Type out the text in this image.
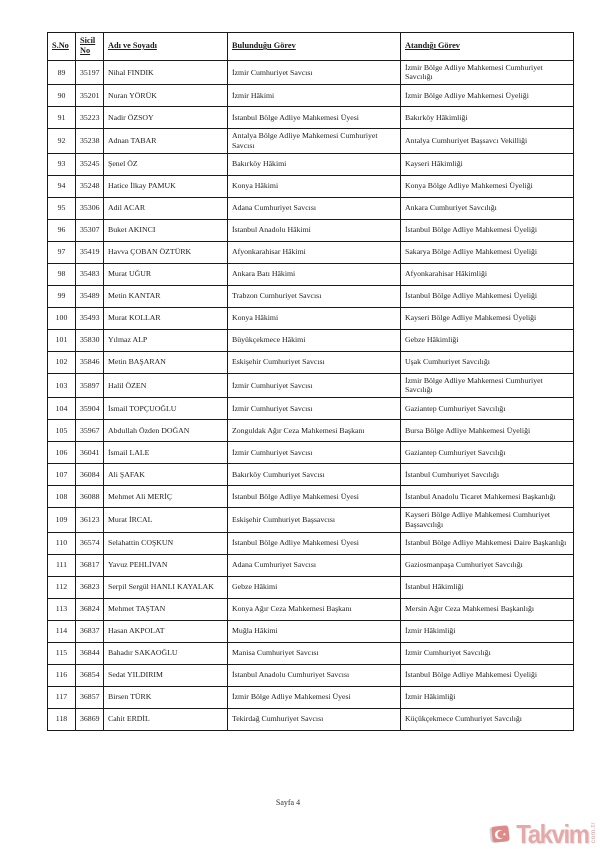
S.No	Sicil No	Adı ve Soyadı	Bulunduğu Görev	Atandığı Görev
89	35197	Nihal FINDIK	İzmir Cumhuriyet Savcısı	İzmir Bölge Adliye Mahkemesi Cumhuriyet Savcılığı
90	35201	Nuran YÖRÜK	İzmir Hâkimi	İzmir Bölge Adliye Mahkemesi Üyeliği
91	35223	Nadir ÖZSOY	İstanbul Bölge Adliye Mahkemesi Üyesi	Bakırköy Hâkimliği
92	35238	Adnan TABAR	Antalya Bölge Adliye Mahkemesi Cumhuriyet Savcısı	Antalya Cumhuriyet Başsavcı Vekilliği
93	35245	Şenel ÖZ	Bakırköy Hâkimi	Kayseri Hâkimliği
94	35248	Hatice İlkay PAMUK	Konya Hâkimi	Konya Bölge Adliye Mahkemesi Üyeliği
95	35306	Adil ACAR	Adana Cumhuriyet Savcısı	Ankara Cumhuriyet Savcılığı
96	35307	Buket AKINCI	İstanbul Anadolu Hâkimi	İstanbul Bölge Adliye Mahkemesi Üyeliği
97	35419	Havva ÇOBAN ÖZTÜRK	Afyonkarahisar Hâkimi	Sakarya Bölge Adliye Mahkemesi Üyeliği
98	35483	Murat UĞUR	Ankara Batı Hâkimi	Afyonkarahisar Hâkimliği
99	35489	Metin KANTAR	Trabzon Cumhuriyet Savcısı	İstanbul Bölge Adliye Mahkemesi Üyeliği
100	35493	Murat KOLLAR	Konya Hâkimi	Kayseri Bölge Adliye Mahkemesi Üyeliği
101	35830	Yılmaz ALP	Büyükçekmece Hâkimi	Gebze Hâkimliği
102	35846	Metin BAŞARAN	Eskişehir Cumhuriyet Savcısı	Uşak Cumhuriyet Savcılığı
103	35897	Halil ÖZEN	İzmir Cumhuriyet Savcısı	İzmir Bölge Adliye Mahkemesi Cumhuriyet Savcılığı
104	35904	İsmail TOPÇUOĞLU	İzmir Cumhuriyet Savcısı	Gaziantep Cumhuriyet Savcılığı
105	35967	Abdullah Özden DOĞAN	Zonguldak Ağır Ceza Mahkemesi Başkanı	Bursa Bölge Adliye Mahkemesi Üyeliği
106	36041	İsmail LALE	İzmir Cumhuriyet Savcısı	Gaziantep Cumhuriyet Savcılığı
107	36084	Ali ŞAFAK	Bakırköy Cumhuriyet Savcısı	İstanbul Cumhuriyet Savcılığı
108	36088	Mehmet Ali MERİÇ	İstanbul Bölge Adliye Mahkemesi Üyesi	İstanbul Anadolu Ticaret Mahkemesi Başkanlığı
109	36123	Murat İRCAL	Eskişehir Cumhuriyet Başsavcısı	Kayseri Bölge Adliye Mahkemesi Cumhuriyet Başsavcılığı
110	36574	Selahattin COŞKUN	İstanbul Bölge Adliye Mahkemesi Üyesi	İstanbul Bölge Adliye Mahkemesi Daire Başkanlığı
111	36817	Yavuz PEHLİVAN	Adana Cumhuriyet Savcısı	Gaziosmanpaşa Cumhuriyet Savcılığı
112	36823	Serpil Sergül HANLI KAYALAK	Gebze Hâkimi	İstanbul Hâkimliği
113	36824	Mehmet TAŞTAN	Konya Ağır Ceza Mahkemesi Başkanı	Mersin Ağır Ceza Mahkemesi Başkanlığı
114	36837	Hasan AKPOLAT	Muğla Hâkimi	İzmir Hâkimliği
115	36844	Bahadır SAKAOĞLU	Manisa Cumhuriyet Savcısı	İzmir Cumhuriyet Savcılığı
116	36854	Sedat YILDIRIM	İstanbul Anadolu Cumhuriyet Savcısı	İstanbul Bölge Adliye Mahkemesi Üyeliği
117	36857	Birsen TÜRK	İzmir Bölge Adliye Mahkemesi Üyesi	İzmir Hâkimliği
118	36869	Cahit ERDİL	Tekirdağ Cumhuriyet Savcısı	Küçükçekmece Cumhuriyet Savcılığı
Sayfa 4
Takvim com.tr
